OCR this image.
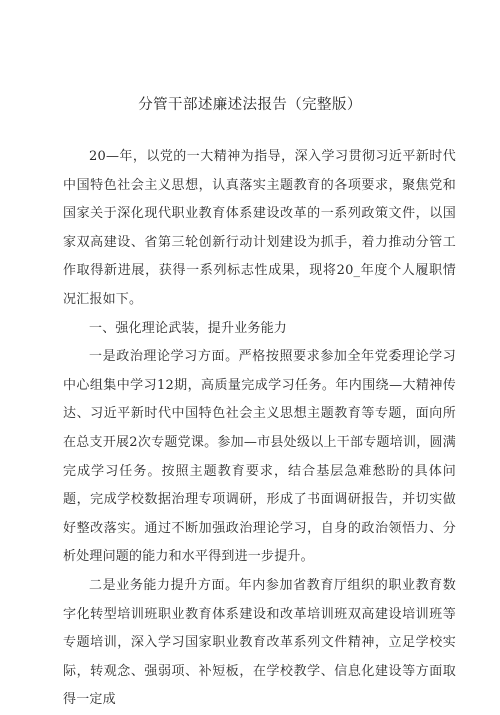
分管干部述廉述法报告（完整版）

20—年，以党的一大精神为指导，深入学习贯彻习近平新时代中国特色社会主义思想，认真落实主题教育的各项要求，聚焦党和国家关于深化现代职业教育体系建设改革的一系列政策文件，以国家双高建设、省第三轮创新行动计划建设为抓手，着力推动分管工作取得新进展，获得一系列标志性成果，现将20_年度个人履职情况汇报如下。

一、强化理论武装，提升业务能力

一是政治理论学习方面。严格按照要求参加全年党委理论学习中心组集中学习12期，高质量完成学习任务。年内围绕—大精神传达、习近平新时代中国特色社会主义思想主题教育等专题，面向所在总支开展2次专题党课。参加—市县处级以上干部专题培训，圆满完成学习任务。按照主题教育要求，结合基层急难愁盼的具体问题，完成学校数据治理专项调研，形成了书面调研报告，并切实做好整改落实。通过不断加强政治理论学习，自身的政治领悟力、分析处理问题的能力和水平得到进一步提升。

二是业务能力提升方面。年内参加省教育厅组织的职业教育数字化转型培训班职业教育体系建设和改革培训班双高建设培训班等专题培训，深入学习国家职业教育改革系列文件精神，立足学校实际，转观念、强弱项、补短板，在学校教学、信息化建设等方面取得一定成
